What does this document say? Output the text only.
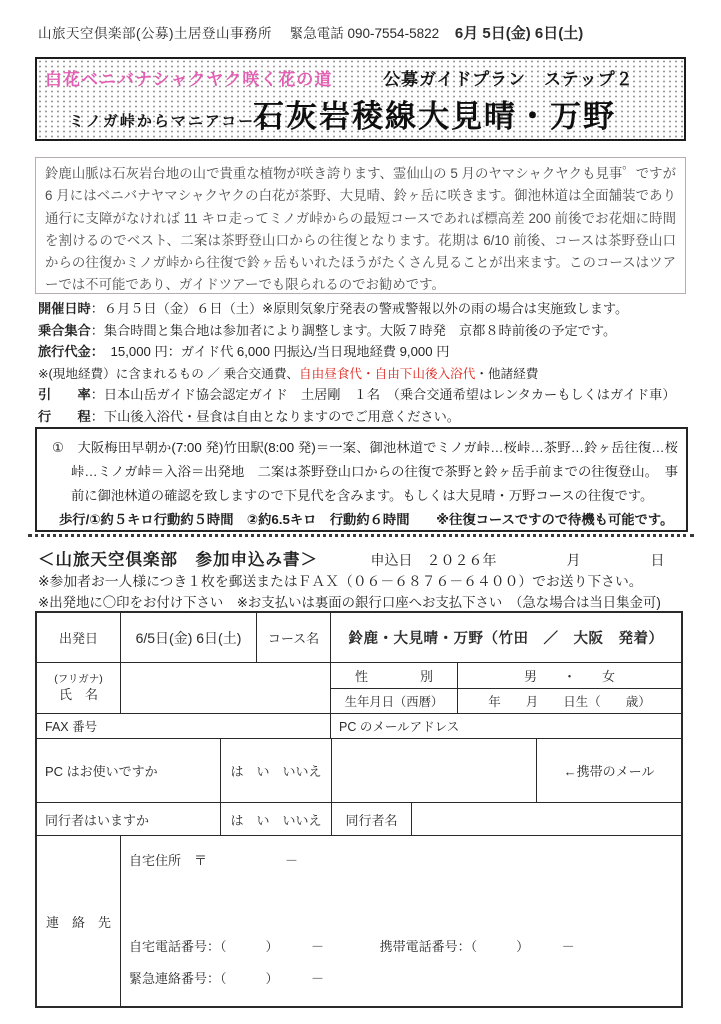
山旅天空倶楽部(公募)土居登山事務所 緊急電話 090-7554-5822 6月 5日(金) 6日(土)
白花ベニバナシャクヤク咲く花の道	公募ガイドプラン　ステップ２
ミノガ峠からマニアコース
石灰岩稜線大見晴・万野
鈴鹿山脈は石灰岩台地の山で貴重な植物が咲き誇ります、霊仙山の 5 月のヤマシャクヤクも見事゜ですが 6 月にはベニバナヤマシャクヤクの白花が茶野、大見晴、鈴ヶ岳に咲きます。御池林道は全面舗装であり通行に支障がなければ 11 キロ走ってミノガ峠からの最短コースであれば標高差 200 前後でお花畑に時間を割けるのでベスト、二案は茶野登山口からの往復となります。花期は 6/10 前後、コースは茶野登山口からの往復かミノガ峠から往復で鈴ヶ岳もいれたほうがたくさん見ることが出来ます。このコースはツアーでは不可能であり、ガイドツアーでも限られるのでお勧めです。
開催日時：６月５日（金）６日（土）※原則気象庁発表の警戒警報以外の雨の場合は実施致します。
乗合集合：集合時間と集合地は参加者により調整します。大阪７時発　京都８時前後の予定です。
旅行代金：　15,000 円：ガイド代 6,000 円振込/当日現地経費 9,000 円
※(現地経費）に含まれるもの ／ 乗合交通費、自由昼食代・自由下山後入浴代・他諸経費
引　　率：日本山岳ガイド協会認定ガイド　土居剛　１名　（乗合交通希望はレンタカーもしくはガイド車）
行　　程：下山後入浴代・昼食は自由となりますのでご用意ください。
①　大阪梅田早朝か(7:00 発)竹田駅(8:00 発)＝一案、御池林道でミノガ峠…桜峠…茶野…鈴ヶ岳往復…桜峠…ミノガ峠＝入浴＝出発地　二案は茶野登山口からの往復で茶野と鈴ヶ岳手前までの往復登山。　事前に御池林道の確認を致しますので下見代を含みます。もしくは大見晴・万野コースの往復です。
歩行/①約５キロ行動約５時間　②約6.5キロ　行動約６時間　　※往復コースですので待機も可能です。
＜山旅天空倶楽部　参加申込み書＞	申込日　２０２６年　　　　　月　　　　　日
※参加者お一人様につき１枚を郵送またはＦＡＸ（０６－６８７６－６４００）でお送り下さい。
※出発地に〇印をお付け下さい　※お支払いは裏面の銀行口座へお支払下さい　（急な場合は当日集金可)
出発日	6/5日(金) 6日(土)	コース名	鈴鹿・大見晴・万野（竹田　／　大阪　発着）
(フリガナ)
氏　名
性　　　　別	男　　・　　女
生年月日（西暦）	年　　月　　日生（　　歳）
FAX 番号	PC のメールアドレス
PC はお使いですか	は　い　いいえ	←携帯のメール
同行者はいますか	は　い　いいえ	同行者名
連　絡　先
自宅住所　〒　　　　　　－
自宅電話番号：（　　　）　　　－	携帯電話番号：（　　　）　　　－
緊急連絡番号：（　　　）　　　－
